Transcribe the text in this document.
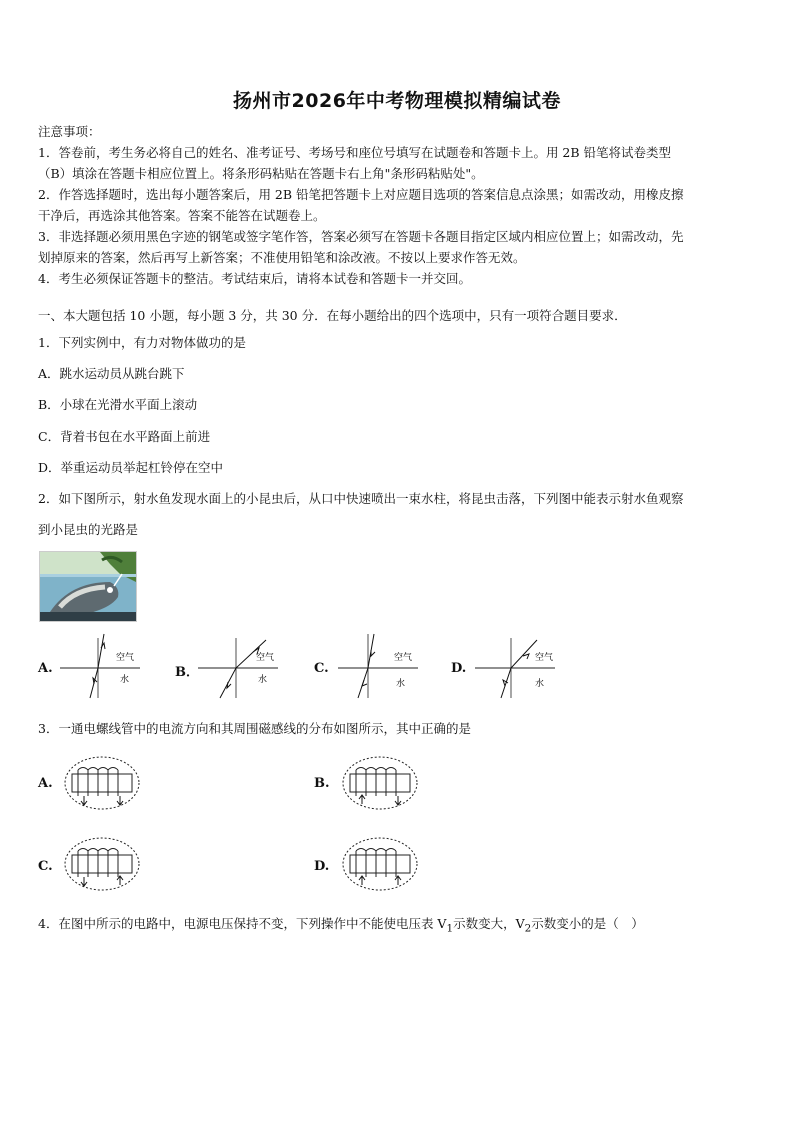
扬州市2026年中考物理模拟精编试卷
注意事项：
1．答卷前，考生务必将自己的姓名、准考证号、考场号和座位号填写在试题卷和答题卡上。用 2B 铅笔将试卷类型
（B）填涂在答题卡相应位置上。将条形码粘贴在答题卡右上角"条形码粘贴处"。
2．作答选择题时，选出每小题答案后，用 2B 铅笔把答题卡上对应题目选项的答案信息点涂黑；如需改动，用橡皮擦
干净后，再选涂其他答案。答案不能答在试题卷上。
3．非选择题必须用黑色字迹的钢笔或签字笔作答，答案必须写在答题卡各题目指定区域内相应位置上；如需改动，先
划掉原来的答案，然后再写上新答案；不准使用铅笔和涂改液。不按以上要求作答无效。
4．考生必须保证答题卡的整洁。考试结束后，请将本试卷和答题卡一并交回。
一、本大题包括 10 小题，每小题 3 分，共 30 分．在每小题给出的四个选项中，只有一项符合题目要求．
1．下列实例中，有力对物体做功的是
A．跳水运动员从跳台跳下
B．小球在光滑水平面上滚动
C．背着书包在水平路面上前进
D．举重运动员举起杠铃停在空中
2．如下图所示，射水鱼发现水面上的小昆虫后，从口中快速喷出一束水柱，将昆虫击落，下列图中能表示射水鱼观察
到小昆虫的光路是
A.	B．	C.	D.
空气
水
空气
水
空气
水
空气
水
3．一通电螺线管中的电流方向和其周围磁感线的分布如图所示，其中正确的是
A.	B.
C.	D.
4．在图中所示的电路中，电源电压保持不变，下列操作中不能使电压表 $V_1$示数变大，$V_2$示数变小的是（　）
